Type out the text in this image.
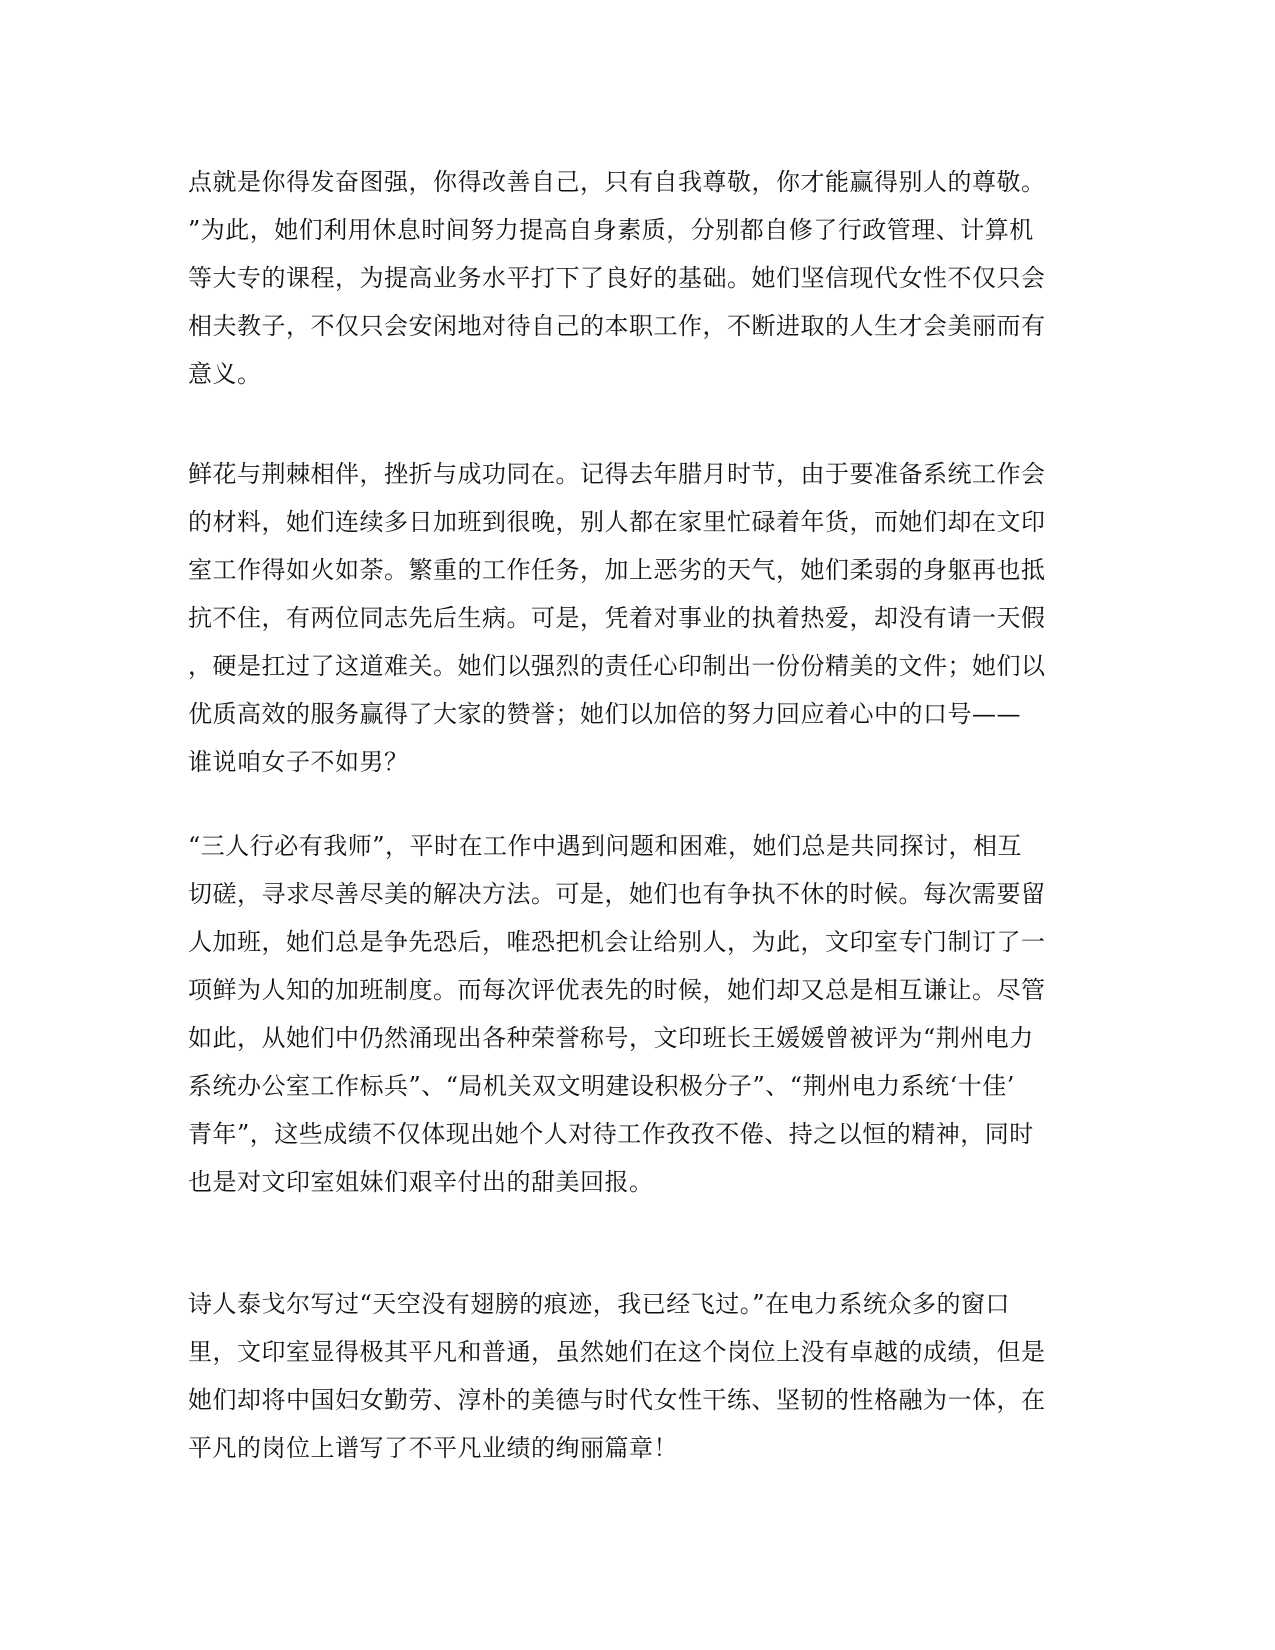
点就是你得发奋图强，你得改善自己，只有自我尊敬，你才能赢得别人的尊敬。
”为此，她们利用休息时间努力提高自身素质，分别都自修了行政管理、计算机
等大专的课程，为提高业务水平打下了良好的基础。她们坚信现代女性不仅只会
相夫教子，不仅只会安闲地对待自己的本职工作，不断进取的人生才会美丽而有
意义。
鲜花与荆棘相伴，挫折与成功同在。记得去年腊月时节，由于要准备系统工作会
的材料，她们连续多日加班到很晚，别人都在家里忙碌着年货，而她们却在文印
室工作得如火如荼。繁重的工作任务，加上恶劣的天气，她们柔弱的身躯再也抵
抗不住，有两位同志先后生病。可是，凭着对事业的执着热爱，却没有请一天假
，硬是扛过了这道难关。她们以强烈的责任心印制出一份份精美的文件；她们以
优质高效的服务赢得了大家的赞誉；她们以加倍的努力回应着心中的口号——
谁说咱女子不如男？
“三人行必有我师”，平时在工作中遇到问题和困难，她们总是共同探讨，相互
切磋，寻求尽善尽美的解决方法。可是，她们也有争执不休的时候。每次需要留
人加班，她们总是争先恐后，唯恐把机会让给别人，为此，文印室专门制订了一
项鲜为人知的加班制度。而每次评优表先的时候，她们却又总是相互谦让。尽管
如此，从她们中仍然涌现出各种荣誉称号，文印班长王媛媛曾被评为“荆州电力
系统办公室工作标兵”、“局机关双文明建设积极分子”、“荆州电力系统‘十佳’
青年”，这些成绩不仅体现出她个人对待工作孜孜不倦、持之以恒的精神，同时
也是对文印室姐妹们艰辛付出的甜美回报。
诗人泰戈尔写过“天空没有翅膀的痕迹，我已经飞过。”在电力系统众多的窗口
里，文印室显得极其平凡和普通，虽然她们在这个岗位上没有卓越的成绩，但是
她们却将中国妇女勤劳、淳朴的美德与时代女性干练、坚韧的性格融为一体，在
平凡的岗位上谱写了不平凡业绩的绚丽篇章！
